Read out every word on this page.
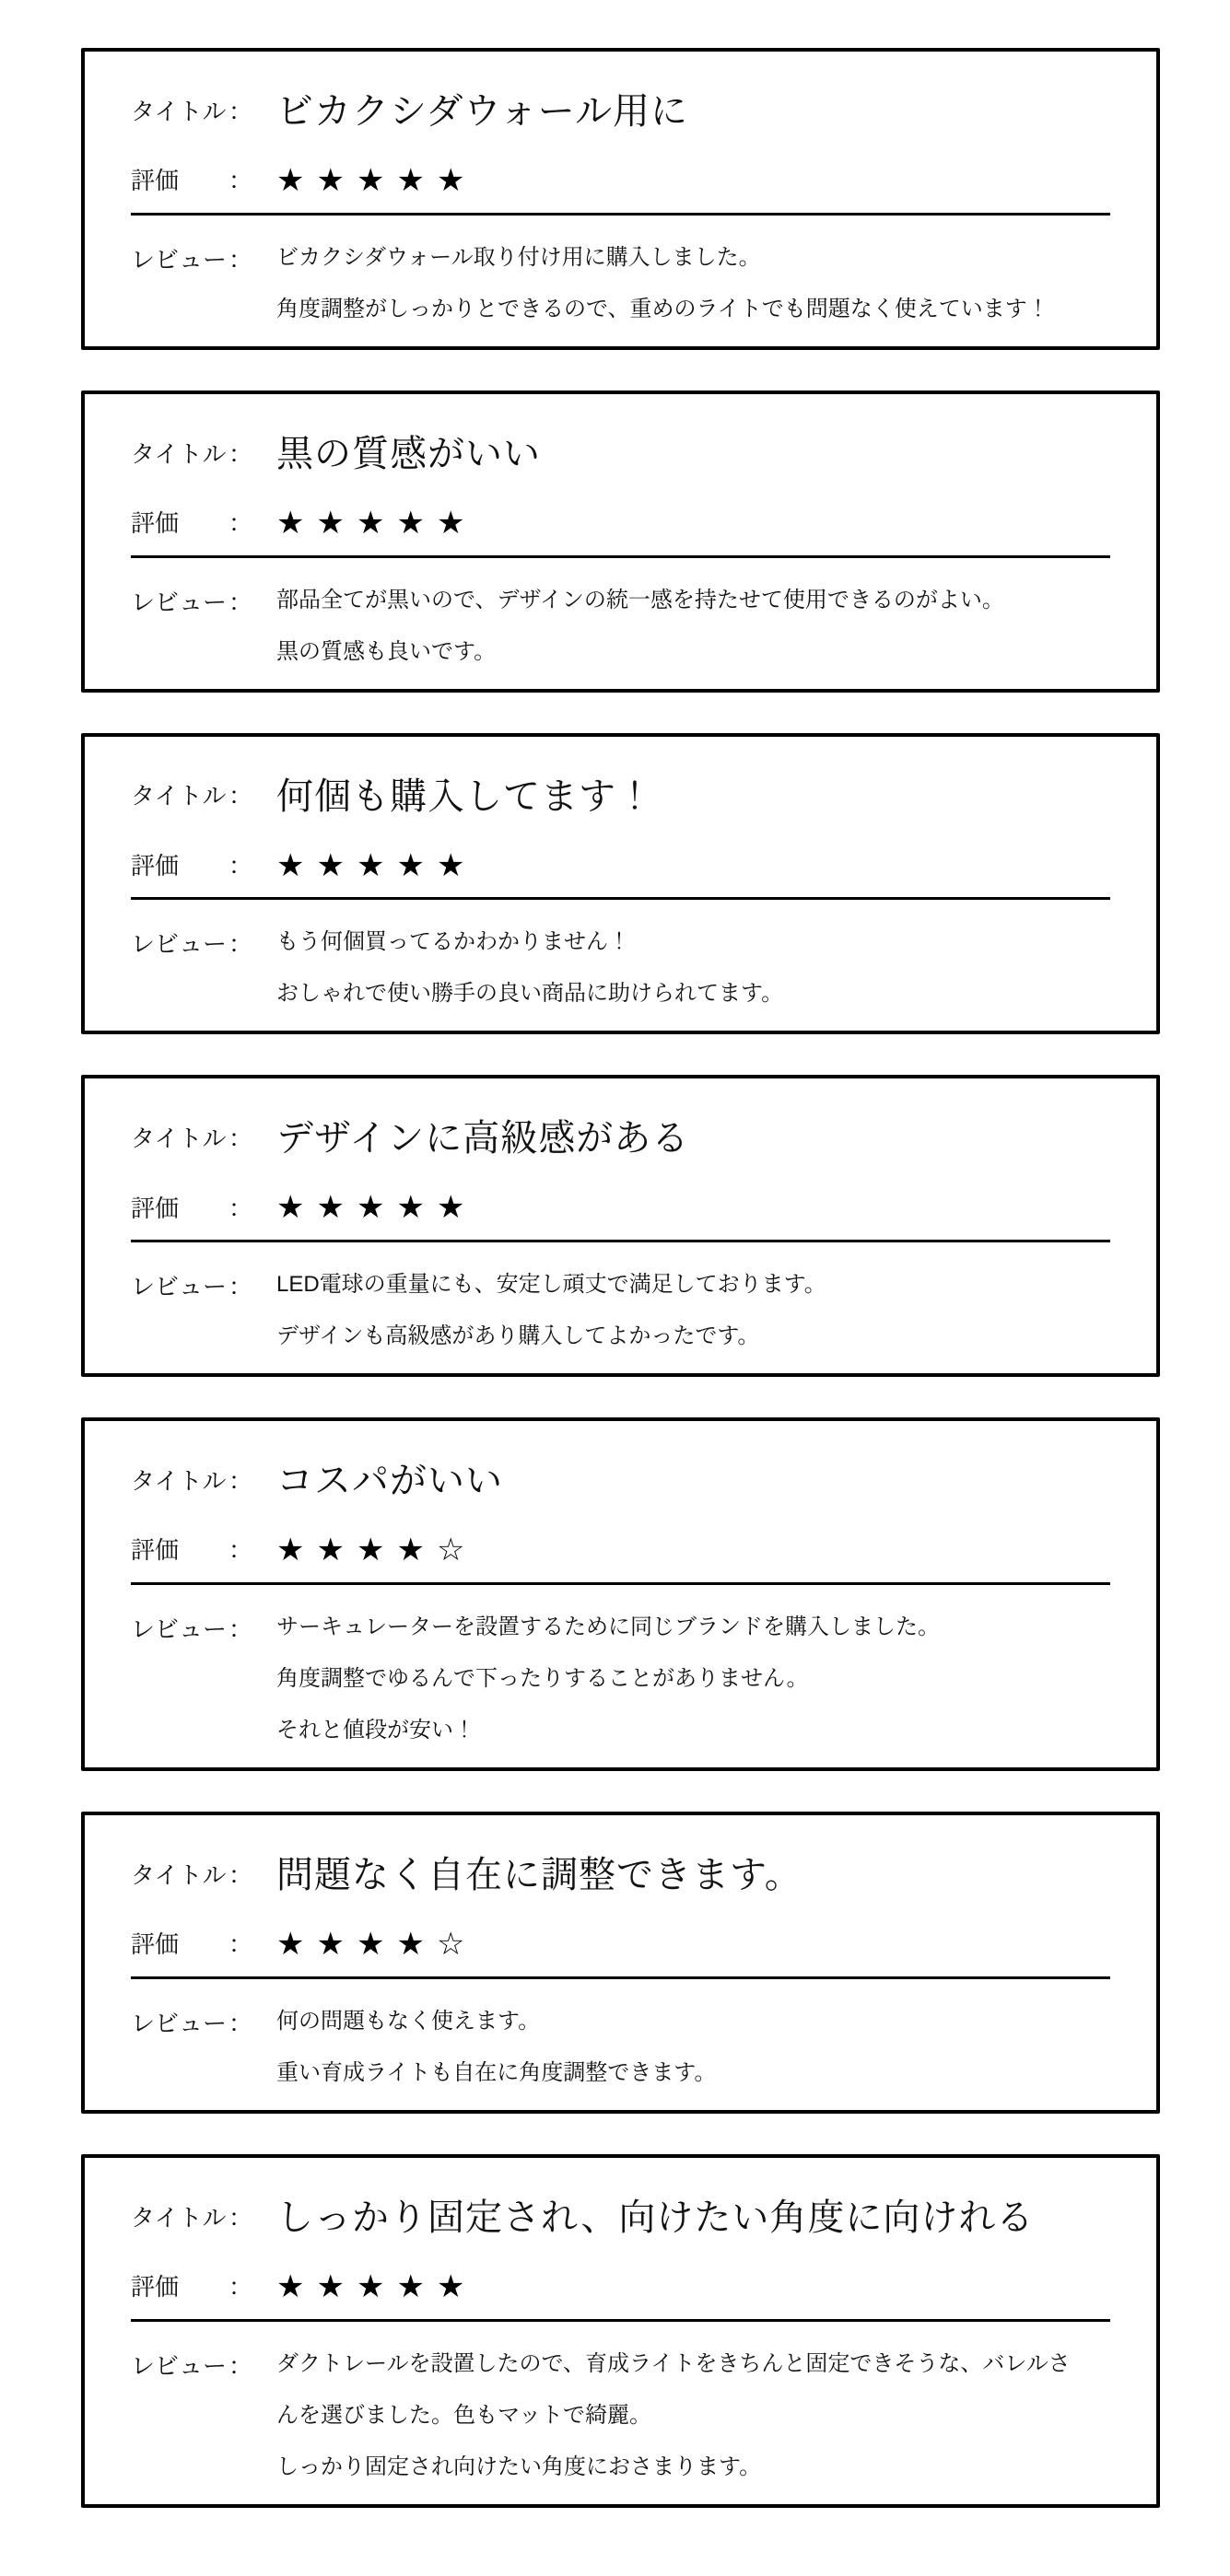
タイトル ： ビカクシダウォール用に
評価 ： ★★★★★
レビュー ： ビカクシダウォール取り付け用に購入しました。
角度調整がしっかりとできるので、重めのライトでも問題なく使えています！
タイトル ： 黒の質感がいい
評価 ： ★★★★★
レビュー ： 部品全てが黒いので、デザインの統一感を持たせて使用できるのがよい。
黒の質感も良いです。
タイトル ： 何個も購入してます！
評価 ： ★★★★★
レビュー ： もう何個買ってるかわかりません！
おしゃれで使い勝手の良い商品に助けられてます。
タイトル ： デザインに高級感がある
評価 ： ★★★★★
レビュー ： LED電球の重量にも、安定し頑丈で満足しております。
デザインも高級感があり購入してよかったです。
タイトル ： コスパがいい
評価 ： ★★★★☆
レビュー ： サーキュレーターを設置するために同じブランドを購入しました。
角度調整でゆるんで下ったりすることがありません。
それと値段が安い！
タイトル ： 問題なく自在に調整できます。
評価 ： ★★★★☆
レビュー ： 何の問題もなく使えます。
重い育成ライトも自在に角度調整できます。
タイトル ： しっかり固定され、向けたい角度に向けれる
評価 ： ★★★★★
レビュー ： ダクトレールを設置したので、育成ライトをきちんと固定できそうな、バレルさ
んを選びました。色もマットで綺麗。
しっかり固定され向けたい角度におさまります。
